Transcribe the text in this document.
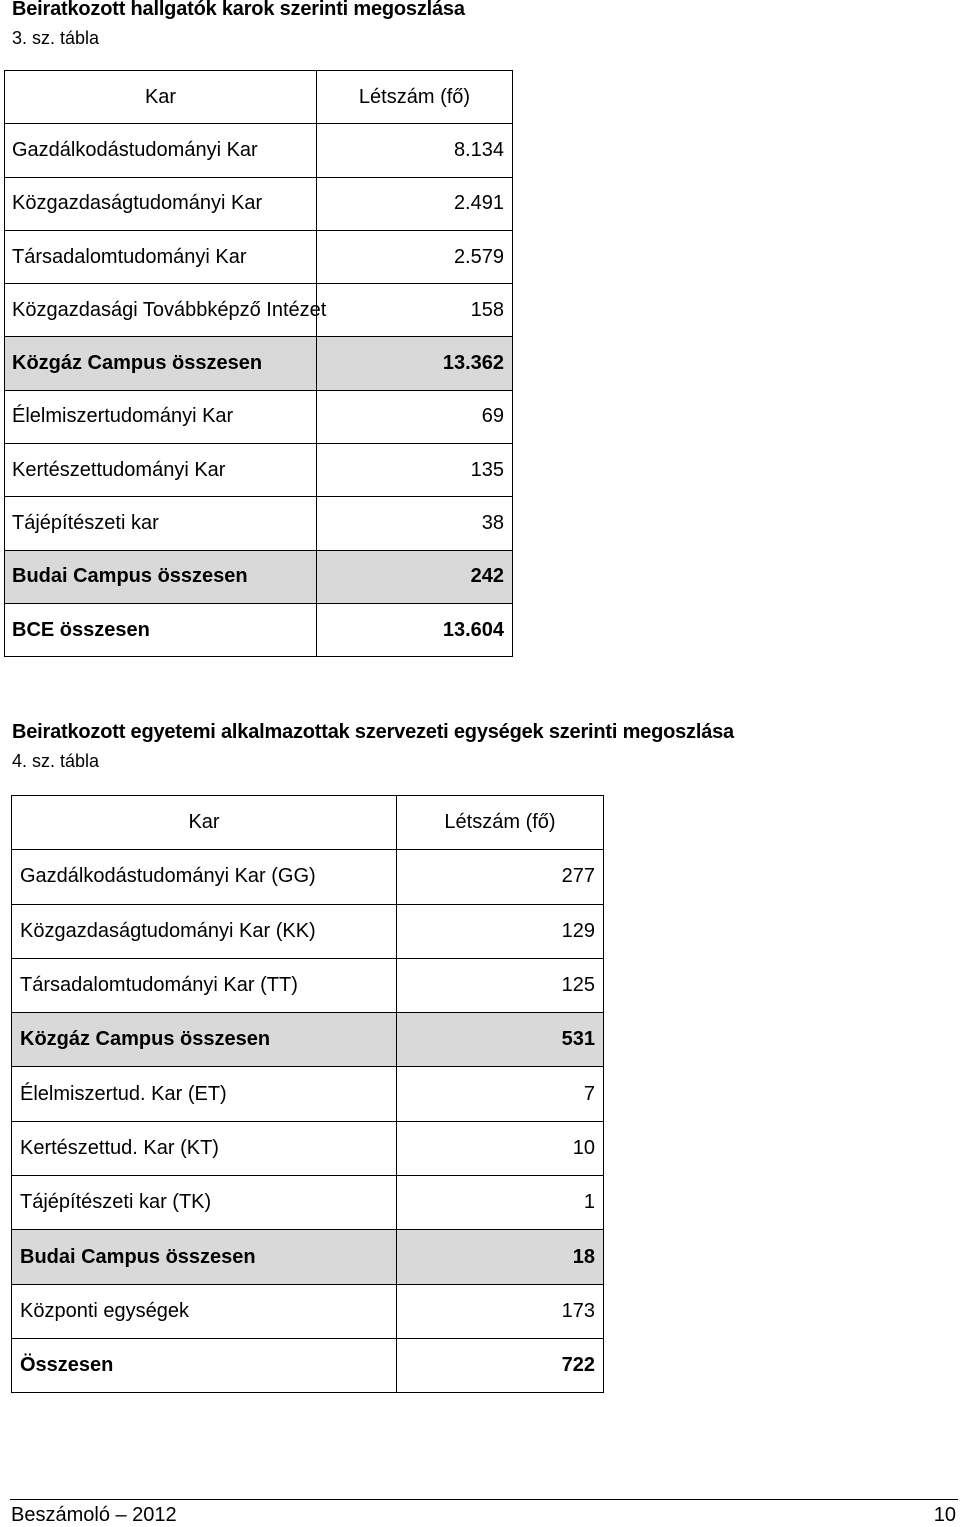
Beiratkozott hallgatók karok szerinti megoszlása
3. sz. tábla
Kar	Létszám (fő)
Gazdálkodástudományi Kar	8.134
Közgazdaságtudományi Kar	2.491
Társadalomtudományi Kar	2.579
Közgazdasági Továbbképző Intézet	158
Közgáz Campus összesen	13.362
Élelmiszertudományi Kar	69
Kertészettudományi Kar	135
Tájépítészeti kar	38
Budai Campus összesen	242
BCE összesen	13.604
Beiratkozott egyetemi alkalmazottak szervezeti egységek szerinti megoszlása
4. sz. tábla
Kar	Létszám (fő)
Gazdálkodástudományi Kar (GG)	277
Közgazdaságtudományi Kar (KK)	129
Társadalomtudományi Kar (TT)	125
Közgáz Campus összesen	531
Élelmiszertud. Kar (ET)	7
Kertészettud. Kar (KT)	10
Tájépítészeti kar (TK)	1
Budai Campus összesen	18
Központi egységek	173
Összesen	722
Beszámoló – 2012	10
